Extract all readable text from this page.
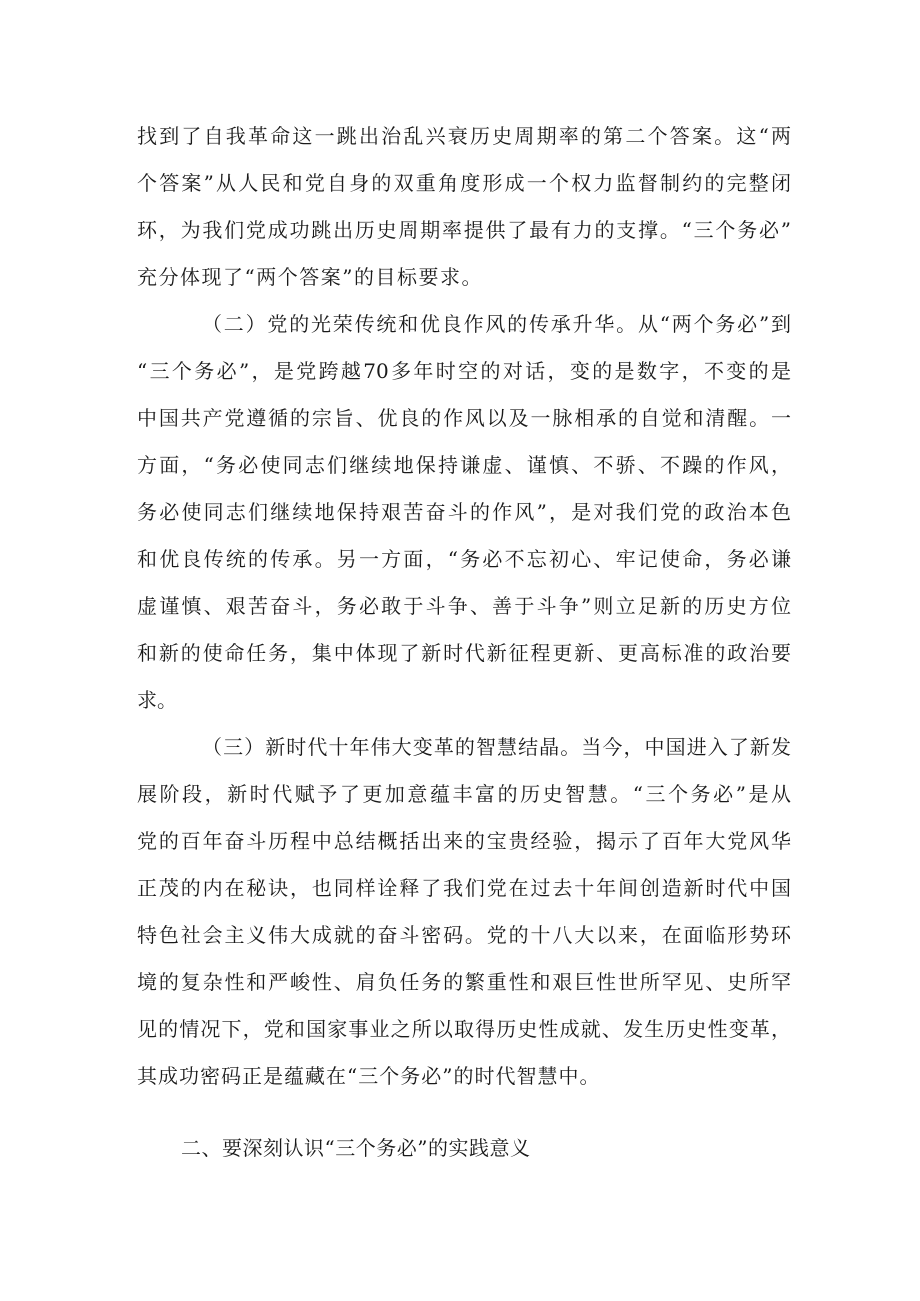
找到了自我革命这一跳出治乱兴衰历史周期率的第二个答案。这“两
个答案”从人民和党自身的双重角度形成一个权力监督制约的完整闭
环，为我们党成功跳出历史周期率提供了最有力的支撑。“三个务必”
充分体现了“两个答案”的目标要求。
（二）党的光荣传统和优良作风的传承升华。从“两个务必”到
“三个务必”，是党跨越70多年时空的对话，变的是数字，不变的是
中国共产党遵循的宗旨、优良的作风以及一脉相承的自觉和清醒。一
方面，“务必使同志们继续地保持谦虚、谨慎、不骄、不躁的作风，
务必使同志们继续地保持艰苦奋斗的作风”，是对我们党的政治本色
和优良传统的传承。另一方面，“务必不忘初心、牢记使命，务必谦
虚谨慎、艰苦奋斗，务必敢于斗争、善于斗争”则立足新的历史方位
和新的使命任务，集中体现了新时代新征程更新、更高标准的政治要
求。
（三）新时代十年伟大变革的智慧结晶。当今，中国进入了新发
展阶段，新时代赋予了更加意蕴丰富的历史智慧。“三个务必”是从
党的百年奋斗历程中总结概括出来的宝贵经验，揭示了百年大党风华
正茂的内在秘诀，也同样诠释了我们党在过去十年间创造新时代中国
特色社会主义伟大成就的奋斗密码。党的十八大以来，在面临形势环
境的复杂性和严峻性、肩负任务的繁重性和艰巨性世所罕见、史所罕
见的情况下，党和国家事业之所以取得历史性成就、发生历史性变革，
其成功密码正是蕴藏在“三个务必”的时代智慧中。
二、要深刻认识“三个务必”的实践意义
